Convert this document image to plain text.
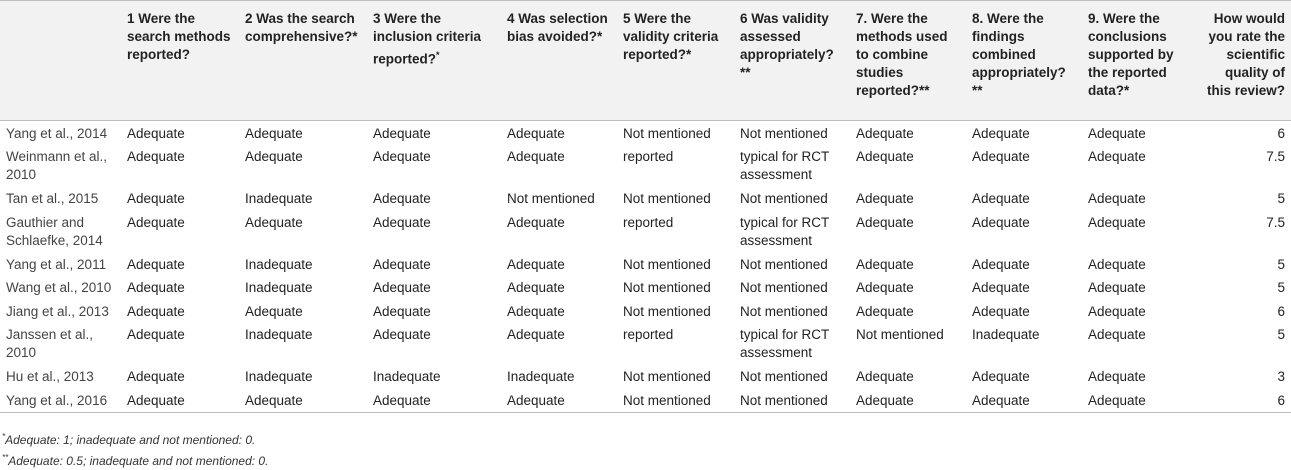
	1 Were the search methods reported?	2 Was the search comprehensive?*	3 Were the inclusion criteria reported?*	4 Was selection bias avoided?*	5 Were the validity criteria reported?*	6 Was validity assessed appropriately?**	7. Were the methods used to combine studies reported?**	8. Were the findings combined appropriately?**	9. Were the conclusions supported by the reported data?*	How would you rate the scientific quality of this review?
Yang et al., 2014	Adequate	Adequate	Adequate	Adequate	Not mentioned	Not mentioned	Adequate	Adequate	Adequate	6
Weinmann et al., 2010	Adequate	Adequate	Adequate	Adequate	reported	typical for RCT assessment	Adequate	Adequate	Adequate	7.5
Tan et al., 2015	Adequate	Inadequate	Adequate	Not mentioned	Not mentioned	Not mentioned	Adequate	Adequate	Adequate	5
Gauthier and Schlaefke, 2014	Adequate	Adequate	Adequate	Adequate	reported	typical for RCT assessment	Adequate	Adequate	Adequate	7.5
Yang et al., 2011	Adequate	Inadequate	Adequate	Adequate	Not mentioned	Not mentioned	Adequate	Adequate	Adequate	5
Wang et al., 2010	Adequate	Inadequate	Adequate	Adequate	Not mentioned	Not mentioned	Adequate	Adequate	Adequate	5
Jiang et al., 2013	Adequate	Adequate	Adequate	Adequate	Not mentioned	Not mentioned	Adequate	Adequate	Adequate	6
Janssen et al., 2010	Adequate	Inadequate	Adequate	Adequate	reported	typical for RCT assessment	Not mentioned	Inadequate	Adequate	5
Hu et al., 2013	Adequate	Inadequate	Inadequate	Inadequate	Not mentioned	Not mentioned	Adequate	Adequate	Adequate	3
Yang et al., 2016	Adequate	Adequate	Adequate	Adequate	Not mentioned	Not mentioned	Adequate	Adequate	Adequate	6
*Adequate: 1; inadequate and not mentioned: 0.
**Adequate: 0.5; inadequate and not mentioned: 0.
